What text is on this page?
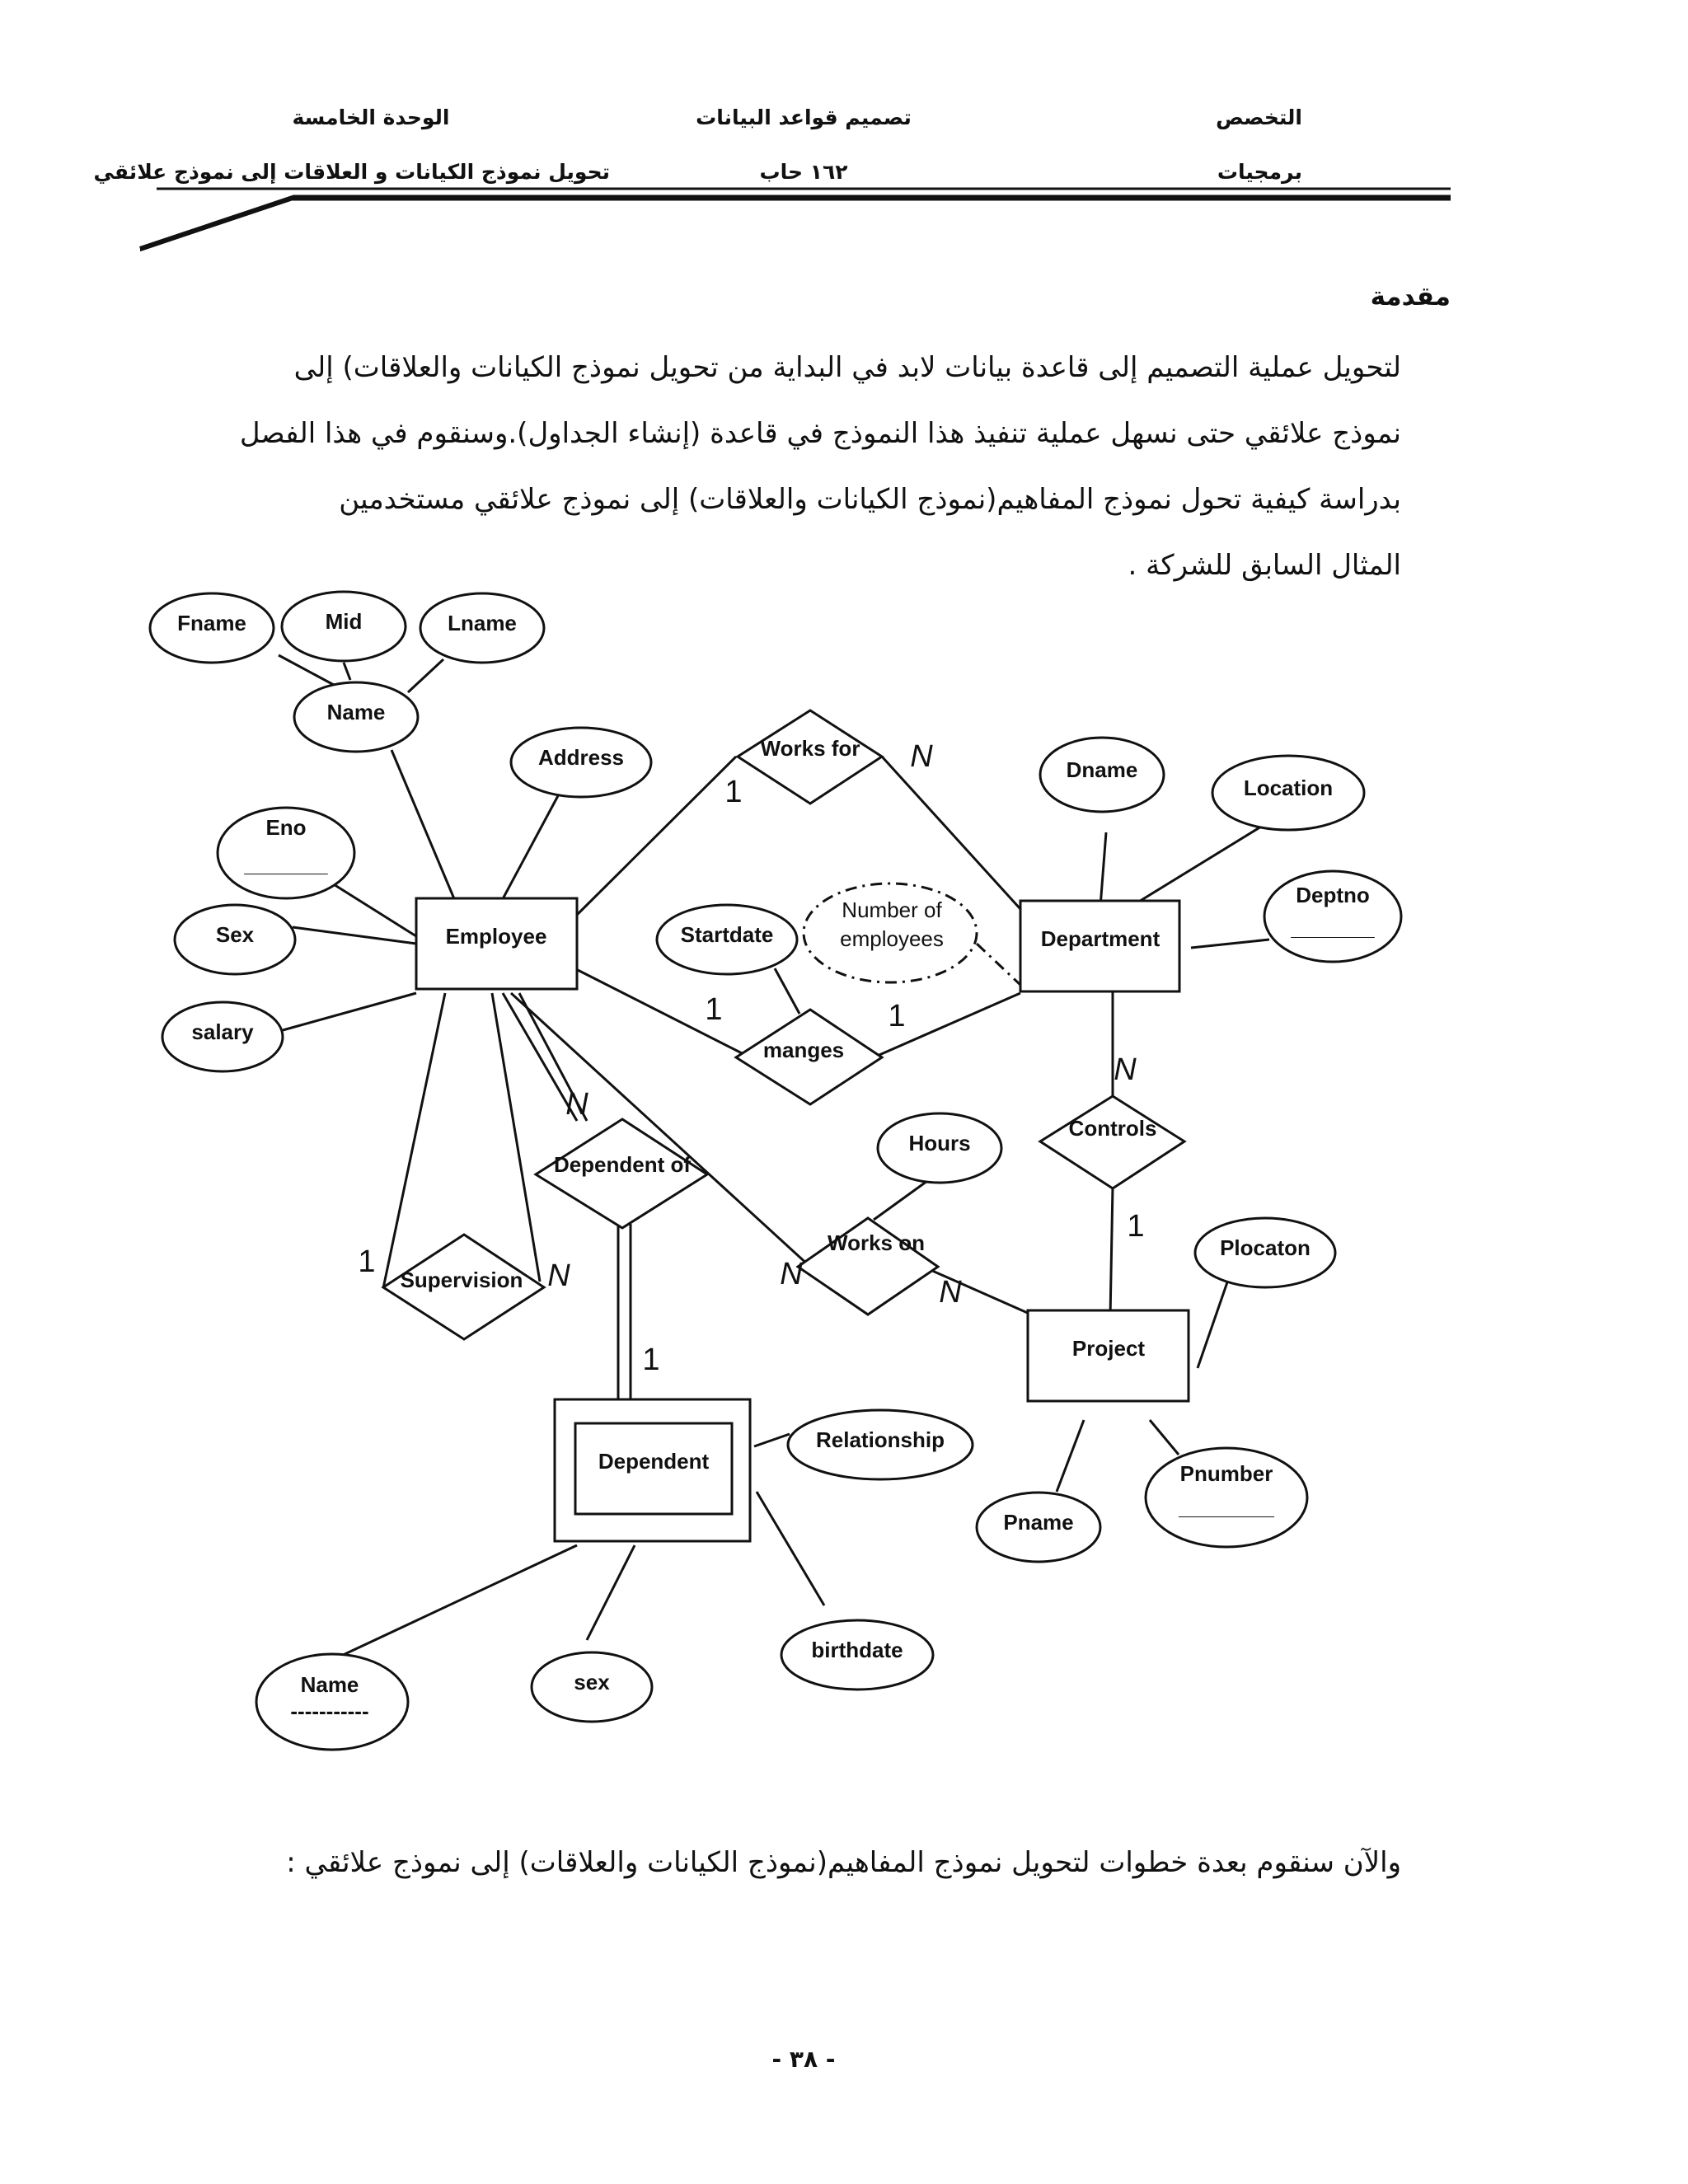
التخصص
برمجيات
تصميم قواعد البيانات
١٦٢ حاب
الوحدة الخامسة
تحويل نموذج الكيانات و العلاقات إلى نموذج علائقي
مقدمة
لتحويل عملية التصميم إلى قاعدة بيانات لابد في البداية من تحويل نموذج الكيانات والعلاقات) إلى
نموذج علائقي حتى نسهل عملية تنفيذ هذا النموذج في قاعدة (إنشاء الجداول).وسنقوم في هذا الفصل
بدراسة كيفية تحول نموذج المفاهيم(نموذج الكيانات والعلاقات) إلى نموذج علائقي مستخدمين
المثال السابق للشركة .
Fname	Mid	Lname
Name
Address
Eno
_______
Sex
salary
Dname
Location
Deptno
_______
Startdate
Number of
employees
Hours
Plocaton
Pname
Pnumber
________
Relationship
birthdate
Name
-----------
sex
Works for
manges
Controls
Dependent of
Supervision
Works on
Employee	Department
Project
Dependent
1
N
1	1
N
1
N
1
1	N	N
N
والآن سنقوم بعدة خطوات لتحويل نموذج المفاهيم(نموذج الكيانات والعلاقات) إلى نموذج علائقي :
- ٣٨ -
